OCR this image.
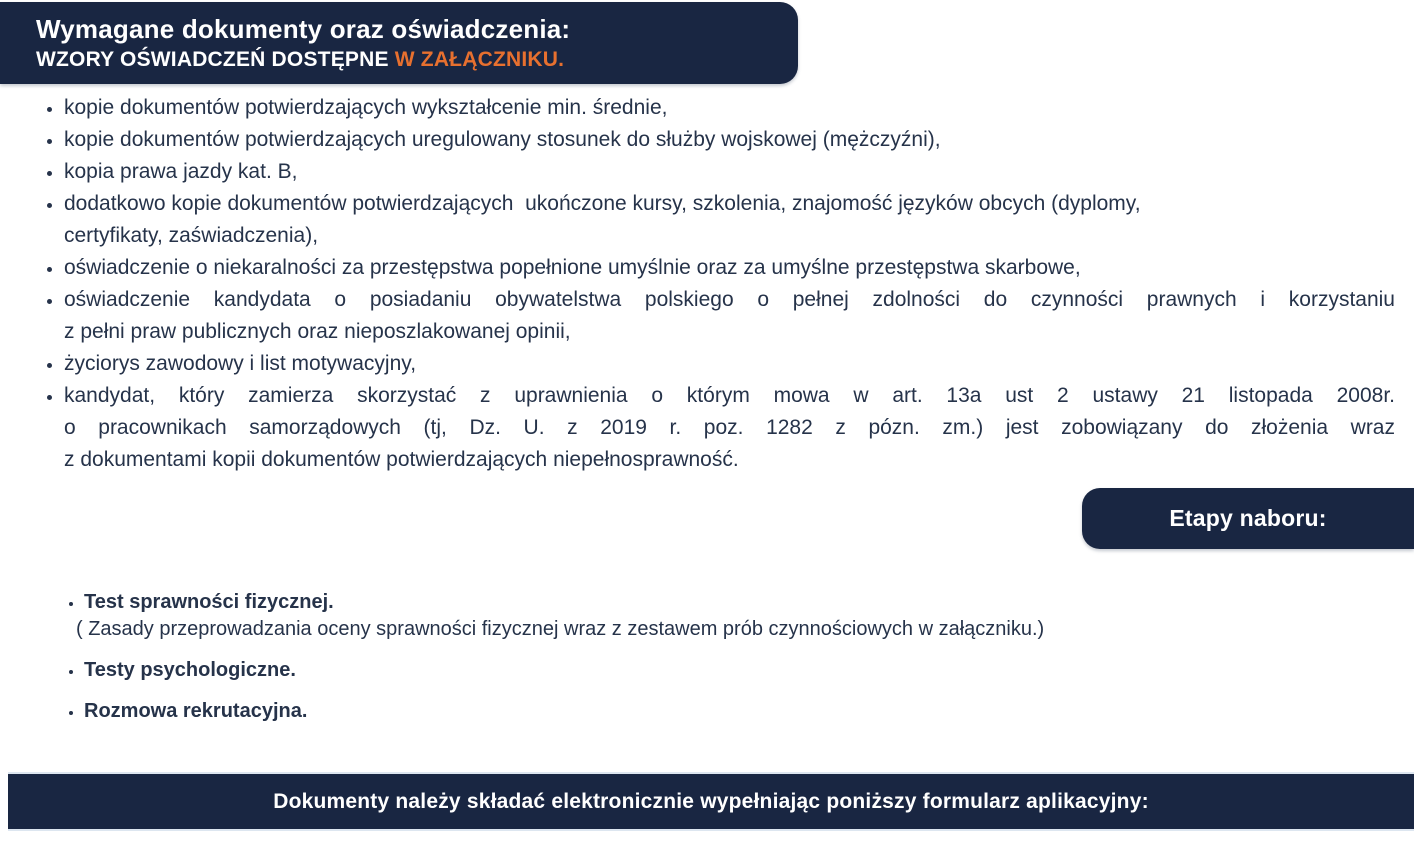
Wymagane dokumenty oraz oświadczenia:
WZORY OŚWIADCZEŃ DOSTĘPNE W ZAŁĄCZNIKU.
• kopie dokumentów potwierdzających wykształcenie min. średnie,
• kopie dokumentów potwierdzających uregulowany stosunek do służby wojskowej (mężczyźni),
• kopia prawa jazdy kat. B,
• dodatkowo kopie dokumentów potwierdzających  ukończone kursy, szkolenia, znajomość języków obcych (dyplomy,
certyfikaty, zaświadczenia),
• oświadczenie o niekaralności za przestępstwa popełnione umyślnie oraz za umyślne przestępstwa skarbowe,
• oświadczenie kandydata o posiadaniu obywatelstwa polskiego o pełnej zdolności do czynności prawnych i korzystaniu
z pełni praw publicznych oraz nieposzlakowanej opinii,
• życiorys zawodowy i list motywacyjny,
• kandydat, który zamierza skorzystać z uprawnienia o którym mowa w art. 13a ust 2 ustawy 21 listopada 2008r.
o pracownikach samorządowych (tj, Dz. U. z 2019 r. poz. 1282 z pózn. zm.) jest zobowiązany do złożenia wraz
z dokumentami kopii dokumentów potwierdzających niepełnosprawność.
Etapy naboru:
• Test sprawności fizycznej.
( Zasady przeprowadzania oceny sprawności fizycznej wraz z zestawem prób czynnościowych w załączniku.)
• Testy psychologiczne.
• Rozmowa rekrutacyjna.
Dokumenty należy składać elektronicznie wypełniając poniższy formularz aplikacyjny:
